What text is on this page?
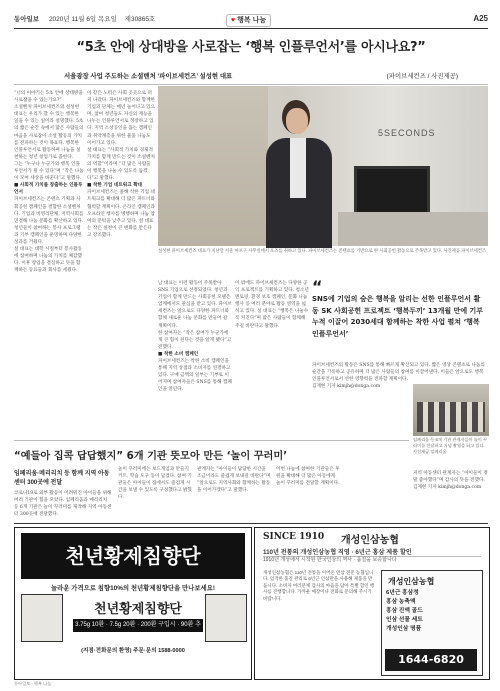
동아일보 2020년 11월 6일 목요일 제30865호	♥ 행복 나눔	A25
“5초 안에 상대방을 사로잡는 ‘행복 인플루언서’를 아시나요?”
서울광장 사업 주도하는 소셜벤처 ‘파이브세컨즈’ 설성현 대표	(파이브세컨즈 / 사진제공)
“너의 이야기는 5초 안에 상대방을 사로잡을 수 있는가요?”
소셜벤처 파이브세컨즈의 설성현 대표는 우리가 할 수 있는 행복한 일을 수 있는 일이라 설명했다. 5초의 짧은 순간 속에서 많은 사람들의 마음을 사로잡아 소셜 활동의 가치를 전파하는 것이 목표다. 행복한 인플루언서로 활동하며 나눔을 실천하는 청년 창업가로 꼽힌다.
그는 “누구나 누군가의 행복 인플루언서가 될 수 있다”며 “작은 나눔이 모여 세상을 바꾼다”고 말했다.
■ 사회적 가치를 창출하는 인플루언서
파이브세컨즈는 콘텐츠 기획과 사회공헌 캠페인을 결합한 소셜벤처다. 기업과 비영리단체, 지역사회를 연결해 나눔 문화를 확산하고 있다. 청년들이 참여하는 봉사 프로그램과 기부 캠페인을 운영하며 다양한 성과를 거뒀다.
설 대표는 대학 시절부터 봉사활동에 참여하며 나눔의 가치를 체감했다. 이후 창업을 결심하고 뜻을 함께하는 동료들과 회사를 세웠다.
이 같은 노력은 사회 곳곳으로 퍼져 나갔다. 파이브세컨즈와 함께한 기업과 단체는 매년 늘어나고 있으며, 참여 청년들도 자신의 재능을 나누는 인플루언서로 성장하고 있다. 지역 소상공인을 돕는 캠페인과 취약계층을 위한 물품 나눔도 이어가고 있다.
설 대표는 “사회적 가치와 경제적 가치를 함께 만드는 것이 소셜벤처의 역할”이라며 “더 많은 사람들이 행복을 나눌 수 있도록 돕겠다”고 말했다.
■ 착한 기업 네트워크 확대
파이브세컨즈는 올해 착한 기업 네트워크를 확대해 더 많은 파트너와 협력할 계획이다. 온라인 캠페인과 오프라인 행사를 병행하며 나눔 참여의 문턱을 낮추고 있다. 설 대표는 작은 실천이 큰 변화를 만든다고 강조했다.
5SECONDS
설성현 파이브세컨즈 대표가 지난달 서울 마포구 사무실에서 포즈를 취하고 있다. 파이브세컨즈는 콘텐츠를 기반으로 한 사회공헌 활동으로 주목받고 있다. 사진제공 파이브세컨즈
남 대표는 이런 활동이 주목받아 SNS 기업으로 선정되었다. 청년과 기업이 함께 만드는 사회공헌 모델은 업계에서도 관심을 받고 있다. 파이브세컨즈는 앞으로도 다양한 파트너와 함께 새로운 나눔 문화를 만들어 갈 계획이다.
한 참여자는 “작은 참여가 누군가에게 큰 힘이 된다는 것을 알게 됐다”고 전했다.
■ 착한 소비 캠페인
파이브세컨즈는 착한 소비 캠페인을 통해 지역 상점과 소비자를 연결하고 있다. 구매 금액의 일부는 기부로 이어지며 참여자들은 SNS를 통해 캠페인을 알린다.
이 밖에도 파이브세컨즈는 다양한 공익 프로젝트를 기획하고 있다. 청소년 멘토링, 환경 보호 캠페인, 문화 나눔 행사 등 여러 분야로 활동 영역을 넓히고 있다. 설 대표는 “행복은 나눌수록 커진다”며 많은 사람들이 함께해 주길 바란다고 말했다.
“
SNS에 기업의 숨은 행복을 알리는 선한 인플루언서 활동 SK 사회공헌 프로젝트 ‘행복두끼’ 13개월 만에 기부 누적 이끌어 2030세대 함께하는 착한 사업 펼쳐 ‘행복인플루언서’
파이브세컨즈의 활동은 SNS를 통해 빠르게 확산되고 있다. 짧은 영상 콘텐츠로 나눔의 순간을 기록하고 공유하며 더 많은 사람들의 참여를 이끌어낸다. 이들은 앞으로도 행복 인플루언서로서 선한 영향력을 전파할 계획이다.
김재현 기자 kimjh@donga.com
“예들아 집콕 답답했지” 6개 기관 뜻모아 만든 ‘놀이 꾸러미’
임페리움·메리리치 등 함께 지역 아동센터 300곳에 전달
코로나19로 외부 활동이 어려워진 아이들을 위해 여러 기관이 힘을 모았다. 임페리움과 메리리치 등 6개 기관은 놀이 꾸러미를 제작해 지역 아동센터 300곳에 전달했다.
놀이 꾸러미에는 보드게임과 만들기 키트, 학습 도구 등이 담겼다. 참여 기관들은 아이들이 집에서도 즐겁게 시간을 보낼 수 있도록 구성했다고 밝혔다.
관계자는 “아이들이 답답한 시간을 조금이라도 즐겁게 보내길 바란다”며 “앞으로도 지역사회와 함께하는 활동을 이어가겠다”고 말했다.
이번 나눔에 참여한 기관들은 후원을 확대해 더 많은 아동에게 놀이 꾸러미를 전달할 계획이다.
임페리움 등 6개 기관 관계자들이 놀이 꾸러미를 전달하고 기념 촬영을 하고 있다. 사진제공 임페리움
지역 아동센터 관계자는 “아이들이 정말 좋아했다”며 감사의 뜻을 전했다.
김재현 기자 kimjh@donga.com
천년황제침향단
놀라운 가격으로 침향10%의 천년황제침향단을 만나보세요!
천년황제침향단
3.75g 10환 · 7.5g 20환 · 200환 구입시 · 90환 추가 증정
(지점·전화문의 환영) 주문·문의 1588-0000
SINCE 1910 개성인삼농협
110년 전통의 개성인삼농협 직영 · 6년근 홍삼 제품 할인
1910년 개성에서 시작된 한국인삼의 역사 · 품질을 보증합니다
개성인삼농협은 110년 전통을 이어온 인삼 전문 농협입니다. 엄격한 품질 관리로 6년근 인삼만을 사용해 제품을 만듭니다. 소비자 여러분께 감사의 마음을 담아 특별 할인 행사를 진행합니다. 가까운 매장이나 전화로 문의해 주시기 바랍니다.
개성인삼농협
6년근 홍삼정
홍삼 농축액
홍삼 진액 골드
인삼 선물 세트
개성인삼 명품
1644-6820
동아일보 · 행복 나눔
